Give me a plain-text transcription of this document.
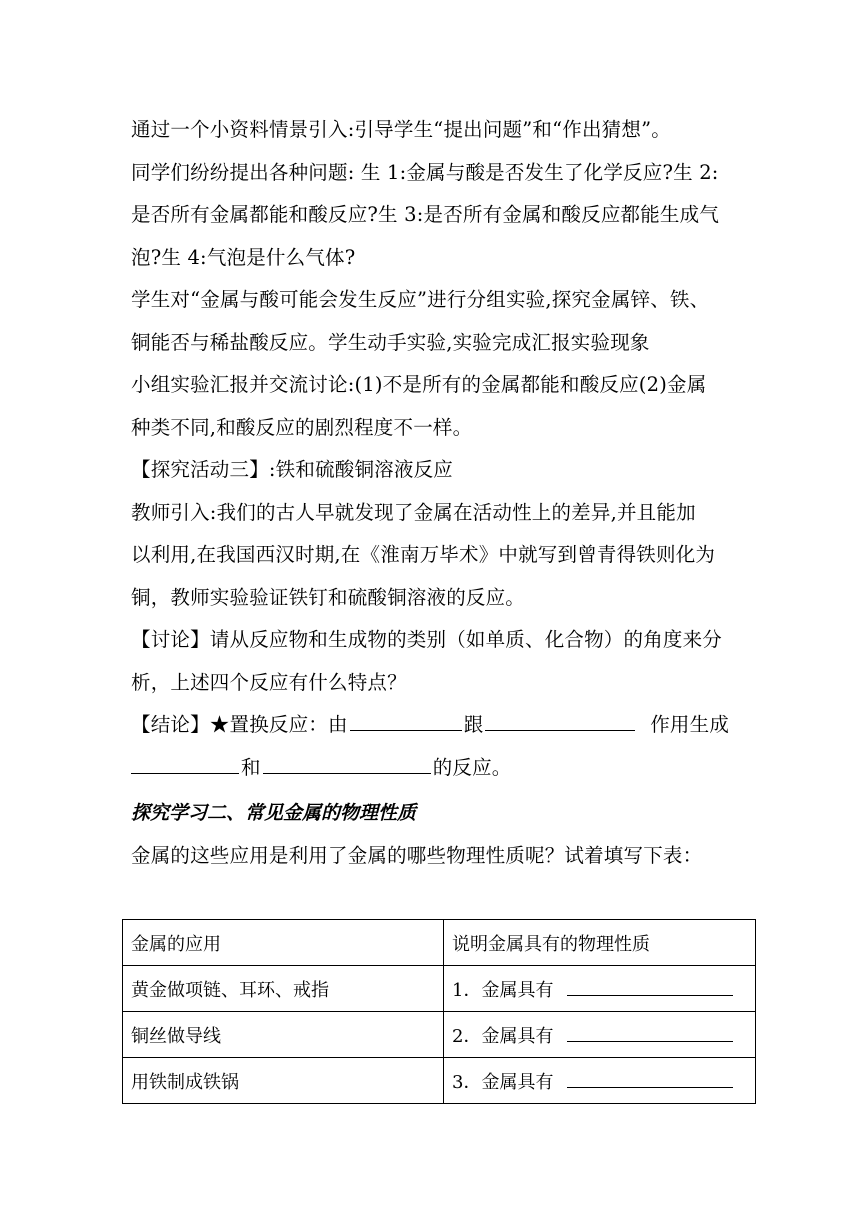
通过一个小资料情景引入:引导学生“提出问题”和“作出猜想”。
同学们纷纷提出各种问题: 生 1:金属与酸是否发生了化学反应?生 2:
是否所有金属都能和酸反应?生 3:是否所有金属和酸反应都能生成气
泡?生 4:气泡是什么气体?
学生对“金属与酸可能会发生反应”进行分组实验,探究金属锌、铁、
铜能否与稀盐酸反应。学生动手实验,实验完成汇报实验现象
小组实验汇报并交流讨论:(1)不是所有的金属都能和酸反应(2)金属
种类不同,和酸反应的剧烈程度不一样。
【探究活动三】:铁和硫酸铜溶液反应
教师引入:我们的古人早就发现了金属在活动性上的差异,并且能加
以利用,在我国西汉时期,在《淮南万毕术》中就写到曾青得铁则化为
铜，教师实验验证铁钉和硫酸铜溶液的反应。
【讨论】请从反应物和生成物的类别（如单质、化合物）的角度来分
析，上述四个反应有什么特点？
【结论】★置换反应：由	跟	作用生成
和	的反应。
探究学习二、常见金属的物理性质
金属的这些应用是利用了金属的哪些物理性质呢？试着填写下表：
金属的应用	说明金属具有的物理性质
黄金做项链、耳环、戒指	1．金属具有
铜丝做导线	2．金属具有
用铁制成铁锅	3．金属具有
